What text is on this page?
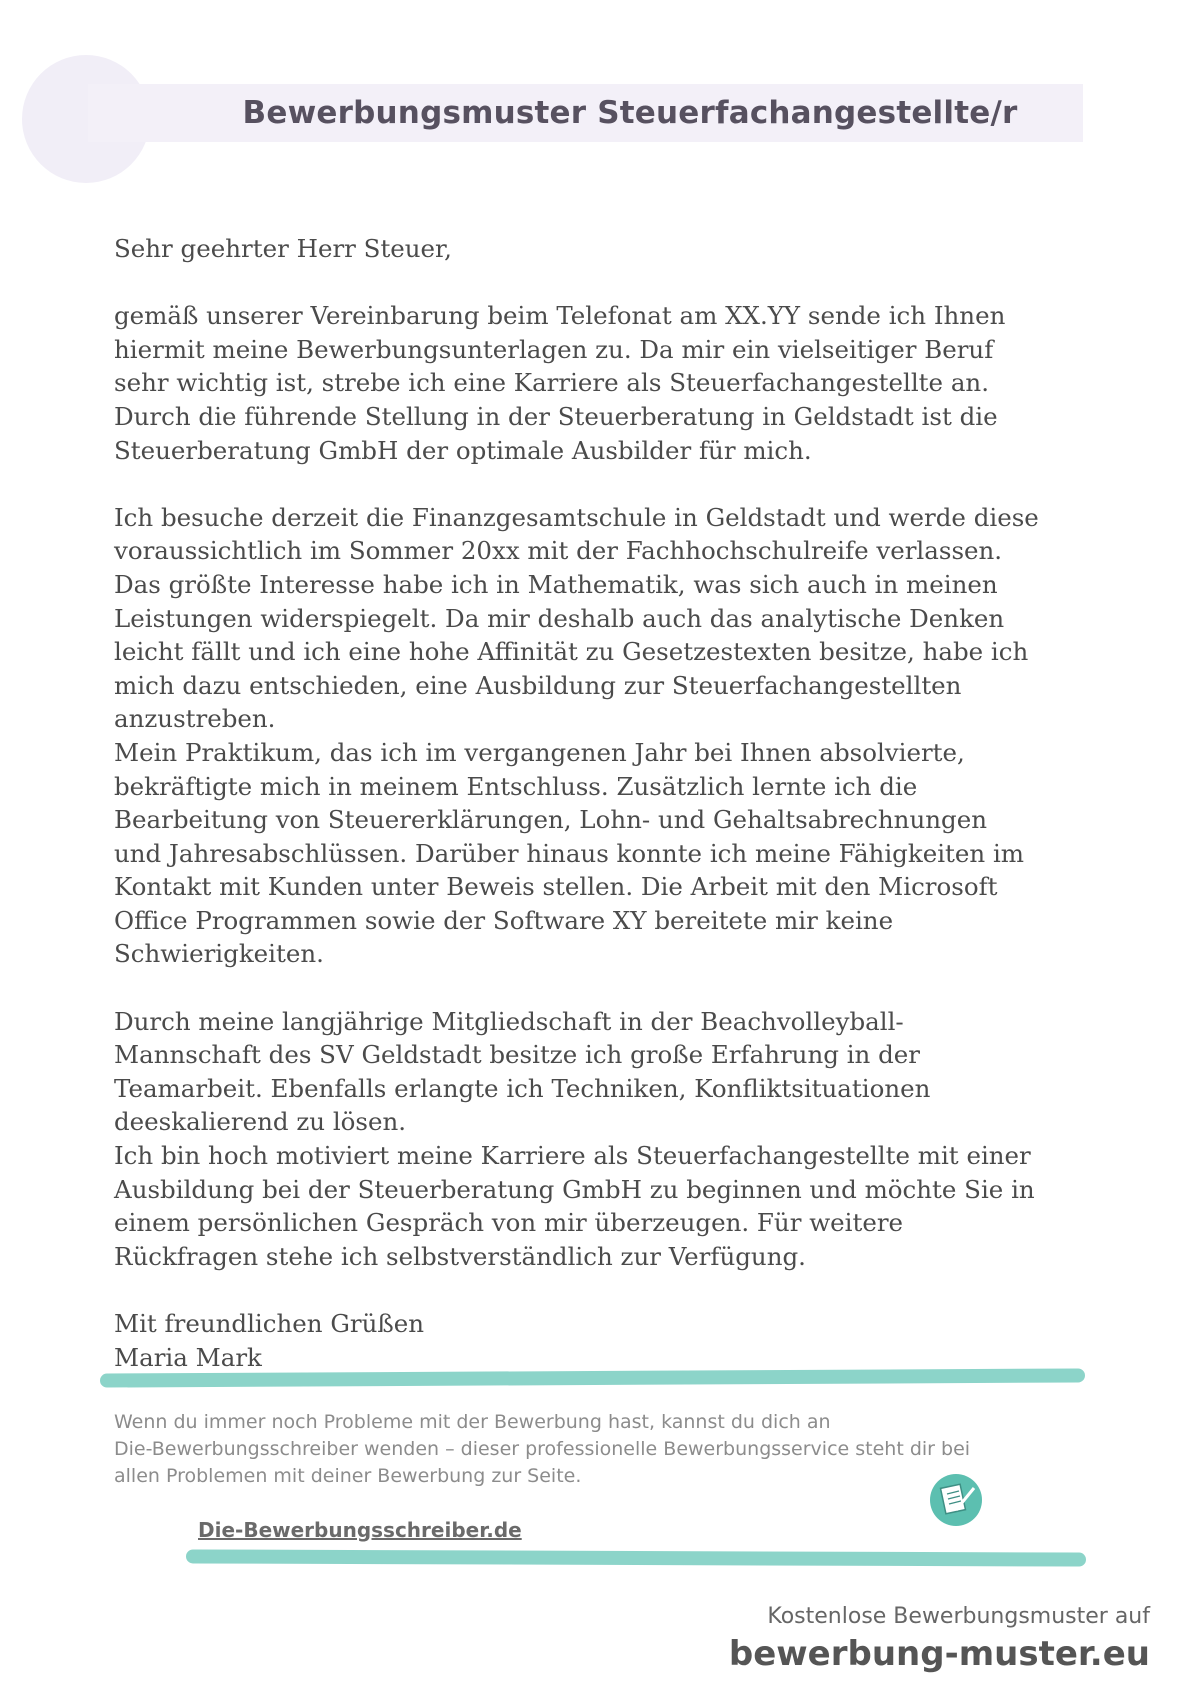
Bewerbungsmuster Steuerfachangestellte/r

Sehr geehrter Herr Steuer,

gemäß unserer Vereinbarung beim Telefonat am XX.YY sende ich Ihnen
hiermit meine Bewerbungsunterlagen zu. Da mir ein vielseitiger Beruf
sehr wichtig ist, strebe ich eine Karriere als Steuerfachangestellte an.
Durch die führende Stellung in der Steuerberatung in Geldstadt ist die
Steuerberatung GmbH der optimale Ausbilder für mich.

Ich besuche derzeit die Finanzgesamtschule in Geldstadt und werde diese
voraussichtlich im Sommer 20xx mit der Fachhochschulreife verlassen.
Das größte Interesse habe ich in Mathematik, was sich auch in meinen
Leistungen widerspiegelt. Da mir deshalb auch das analytische Denken
leicht fällt und ich eine hohe Affinität zu Gesetzestexten besitze, habe ich
mich dazu entschieden, eine Ausbildung zur Steuerfachangestellten
anzustreben.

Mein Praktikum, das ich im vergangenen Jahr bei Ihnen absolvierte,
bekräftigte mich in meinem Entschluss. Zusätzlich lernte ich die
Bearbeitung von Steuererklärungen, Lohn- und Gehaltsabrechnungen
und Jahresabschlüssen. Darüber hinaus konnte ich meine Fähigkeiten im
Kontakt mit Kunden unter Beweis stellen. Die Arbeit mit den Microsoft
Office Programmen sowie der Software XY bereitete mir keine
Schwierigkeiten.

Durch meine langjährige Mitgliedschaft in der Beachvolleyball-
Mannschaft des SV Geldstadt besitze ich große Erfahrung in der
Teamarbeit. Ebenfalls erlangte ich Techniken, Konfliktsituationen
deeskalierend zu lösen.

Ich bin hoch motiviert meine Karriere als Steuerfachangestellte mit einer
Ausbildung bei der Steuerberatung GmbH zu beginnen und möchte Sie in
einem persönlichen Gespräch von mir überzeugen. Für weitere
Rückfragen stehe ich selbstverständlich zur Verfügung.

Mit freundlichen Grüßen

Maria Mark

Wenn du immer noch Probleme mit der Bewerbung hast, kannst du dich an
Die-Bewerbungsschreiber wenden – dieser professionelle Bewerbungsservice steht dir bei
allen Problemen mit deiner Bewerbung zur Seite.
Die-Bewerbungsschreiber.de
Kostenlose Bewerbungsmuster auf
bewerbung-muster.eu
